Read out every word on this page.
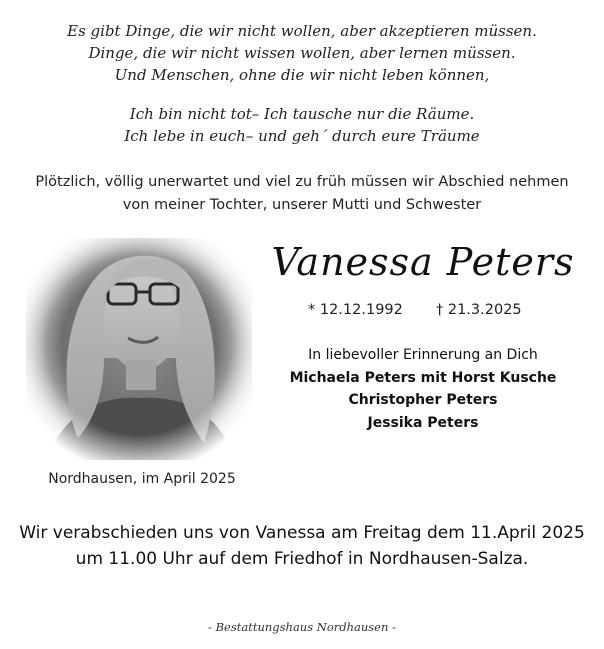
Es gibt Dinge, die wir nicht wollen, aber akzeptieren müssen.
Dinge, die wir nicht wissen wollen, aber lernen müssen.
Und Menschen, ohne die wir nicht leben können,
Ich bin nicht tot– Ich tausche nur die Räume.
Ich lebe in euch– und geh´ durch eure Träume
Plötzlich, völlig unerwartet und viel zu früh müssen wir Abschied nehmen
von meiner Tochter, unserer Mutti und Schwester
Nordhausen, im April 2025
Vanessa Peters
* 12.12.1992 † 21.3.2025
In liebevoller Erinnerung an Dich
Michaela Peters mit Horst Kusche
Christopher Peters
Jessika Peters
Wir verabschieden uns von Vanessa am Freitag dem 11.April 2025
um 11.00 Uhr auf dem Friedhof in Nordhausen-Salza.
- Bestattungshaus Nordhausen -
